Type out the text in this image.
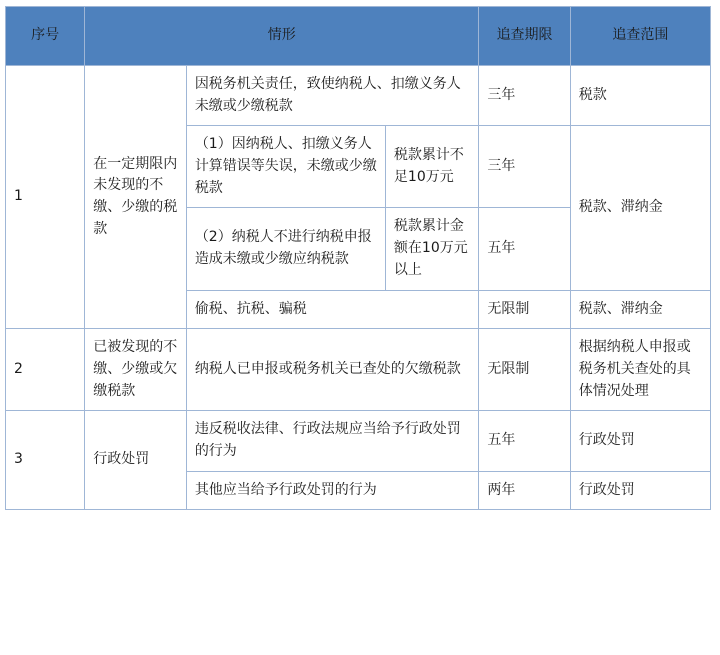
序号	情形			追查期限	追查范围
1	在一定期限内未发现的不缴、少缴的税款	因税务机关责任，致使纳税人、扣缴义务人未缴或少缴税款		三年	税款
		（1）因纳税人、扣缴义务人计算错误等失误，未缴或少缴税款	税款累计不足10万元	三年	税款、滞纳金
		（2）纳税人不进行纳税申报造成未缴或少缴应纳税款	税款累计金额在10万元以上	五年	
		偷税、抗税、骗税		无限制	税款、滞纳金
2	已被发现的不缴、少缴或欠缴税款	纳税人已申报或税务机关已查处的欠缴税款		无限制	根据纳税人申报或税务机关查处的具体情况处理
3	行政处罚	违反税收法律、行政法规应当给予行政处罚的行为		五年	行政处罚
		其他应当给予行政处罚的行为		两年	行政处罚
